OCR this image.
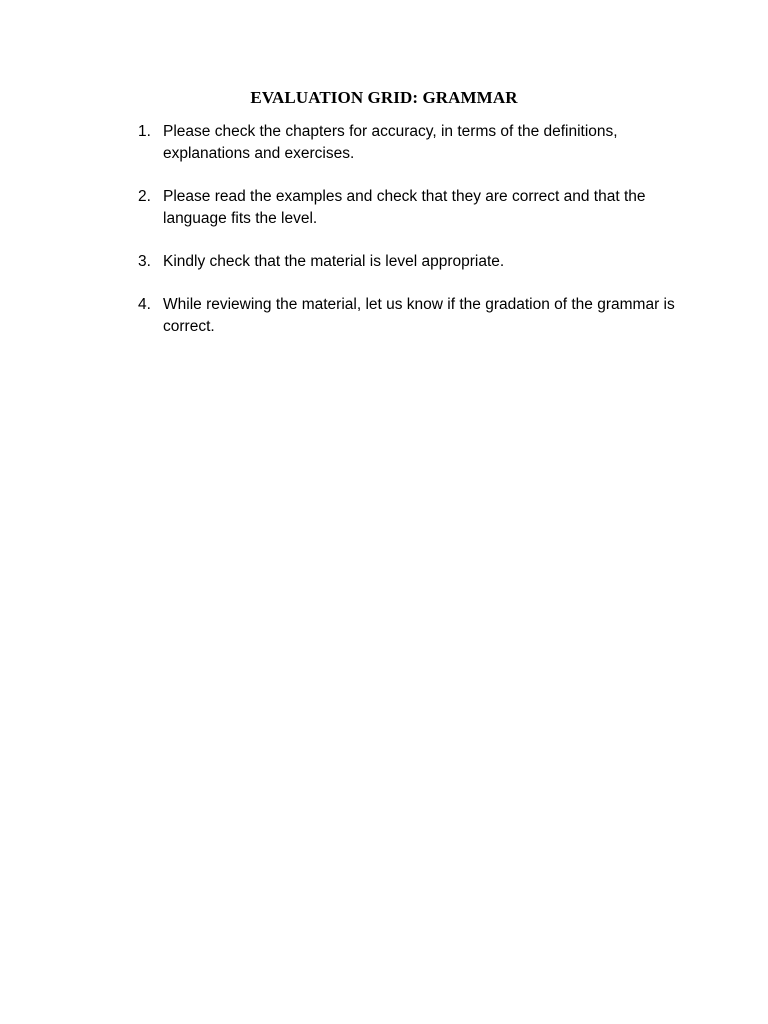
EVALUATION GRID: GRAMMAR
1. Please check the chapters for accuracy, in terms of the definitions, explanations and exercises.
2. Please read the examples and check that they are correct and that the language fits the level.
3. Kindly check that the material is level appropriate.
4. While reviewing the material, let us know if the gradation of the grammar is correct.
